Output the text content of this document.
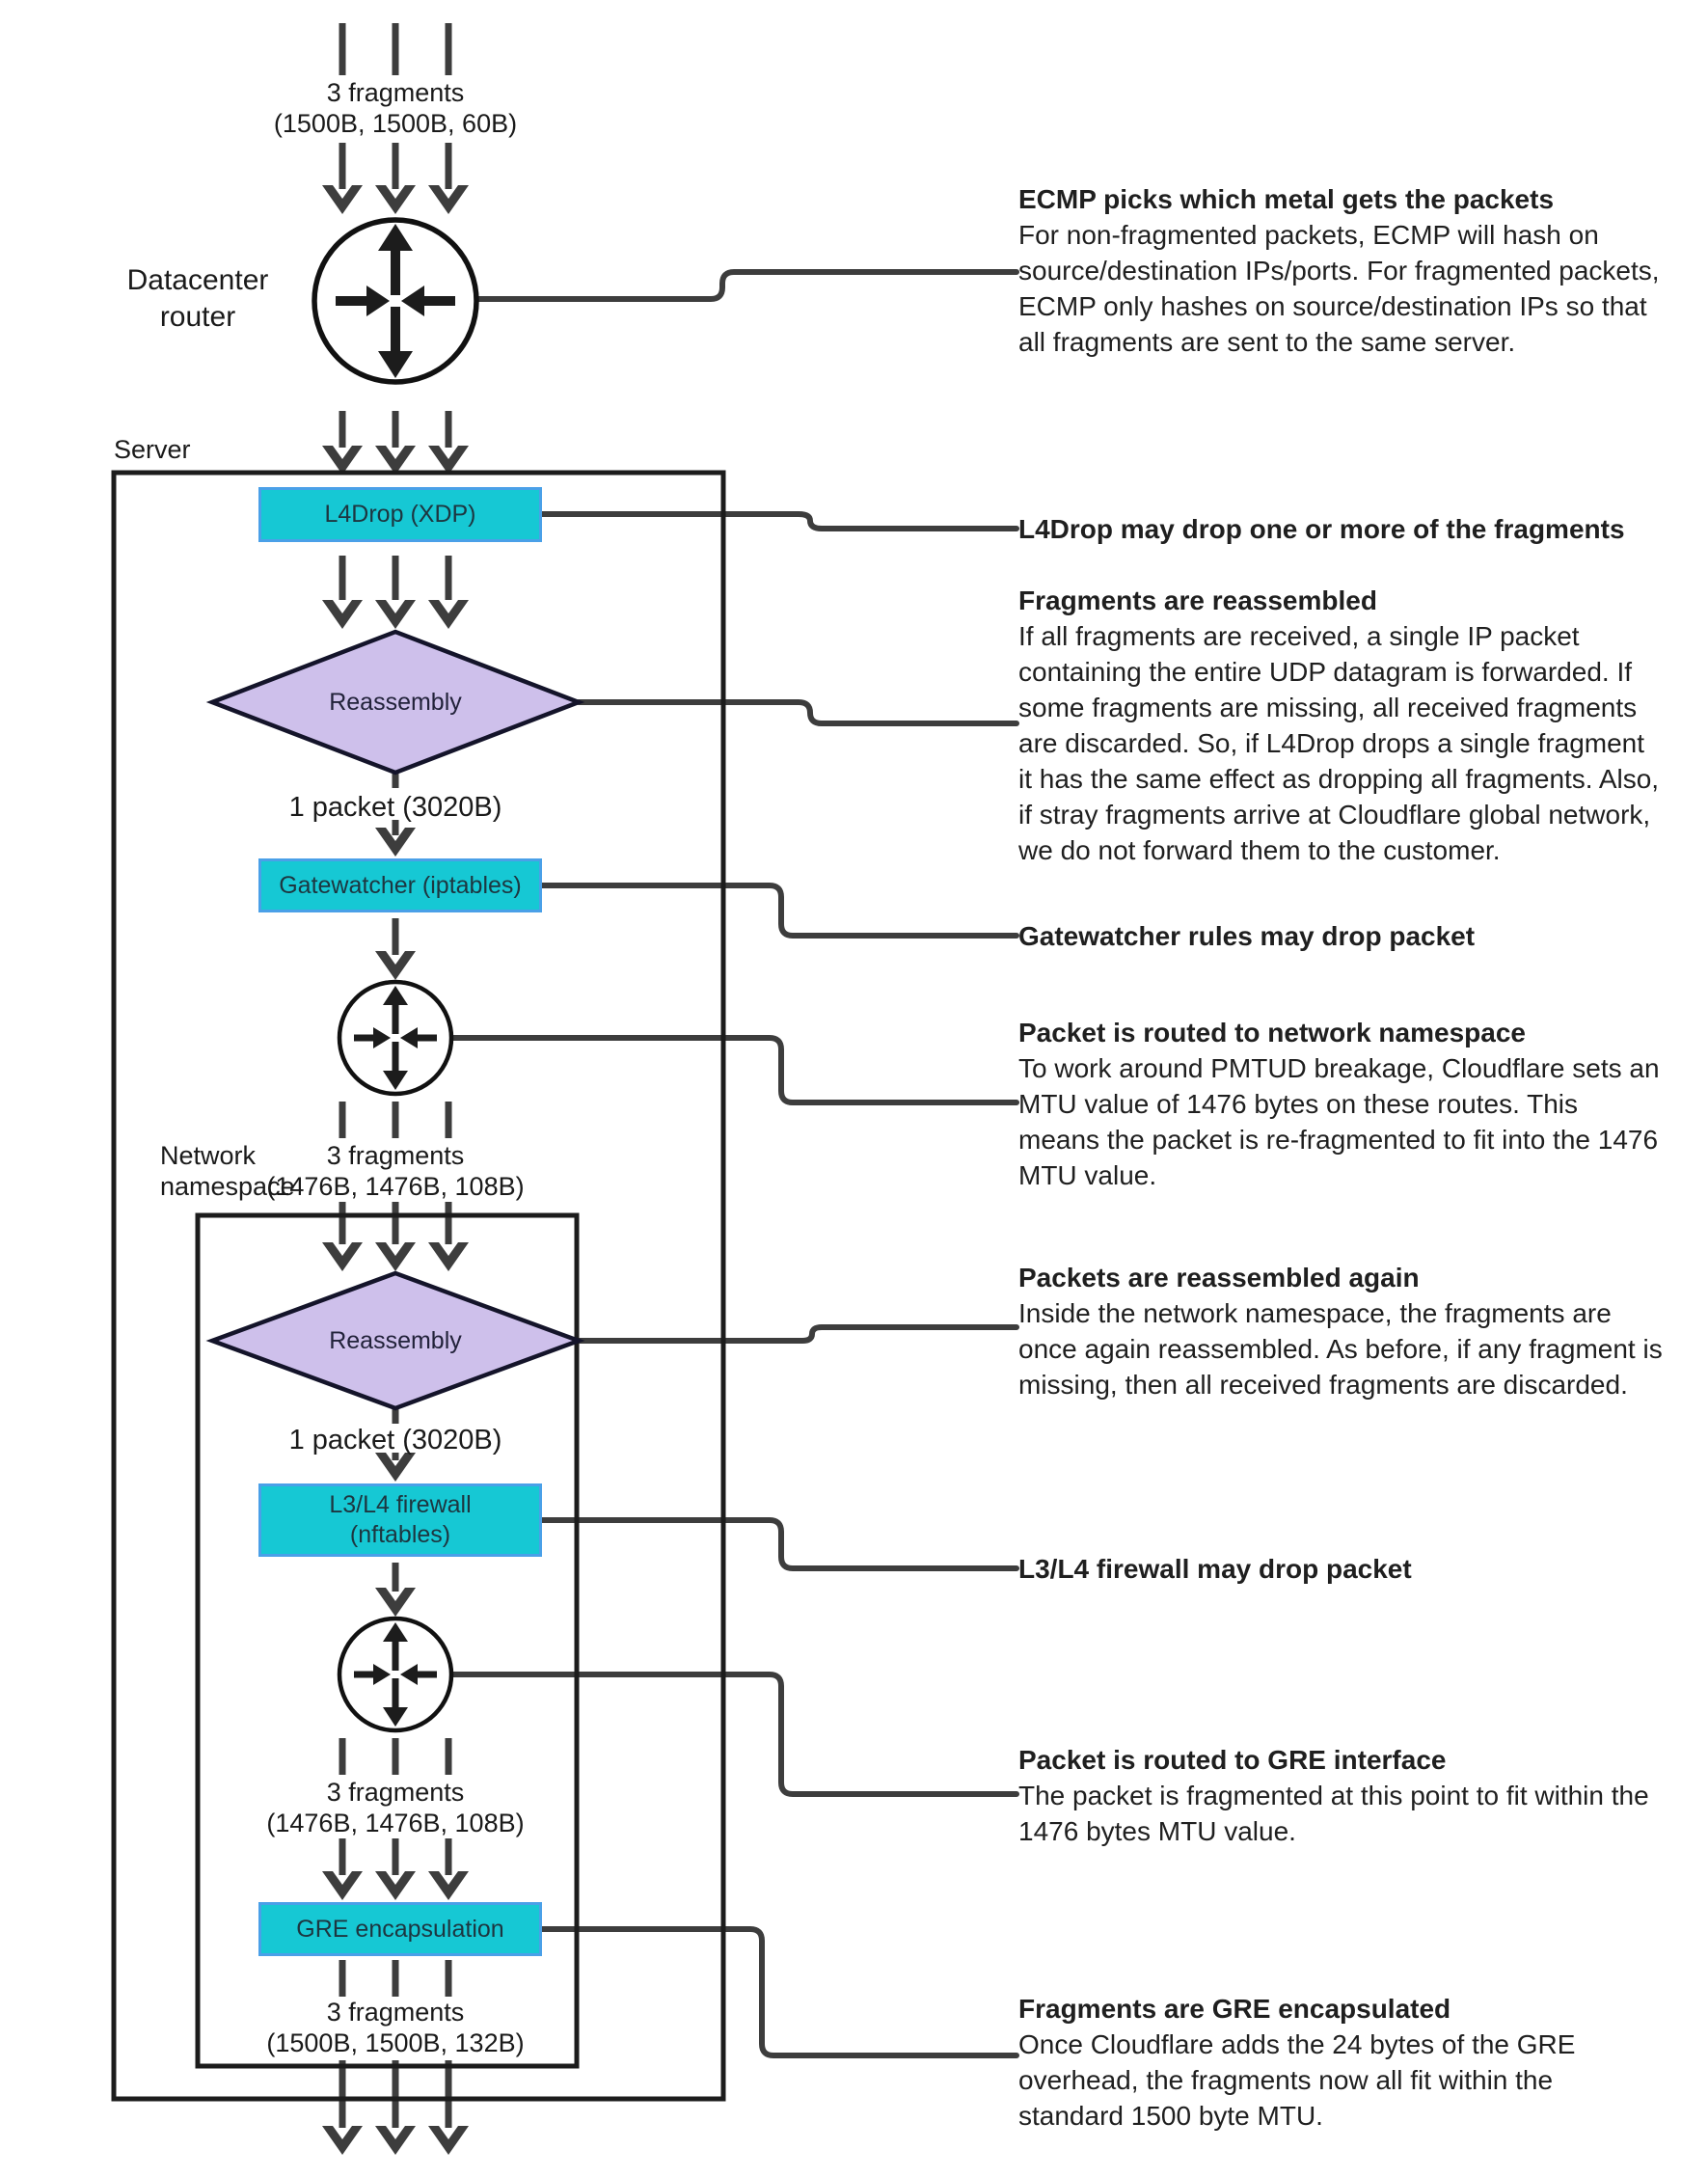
3 fragments
(1500B, 1500B, 60B)
Datacenter
router
Server
L4Drop (XDP)
Reassembly
1 packet (3020B)
Gatewatcher (iptables)
3 fragments
(1476B, 1476B, 108B)
Network
namespace
Reassembly
1 packet (3020B)
L3/L4 firewall
(nftables)
3 fragments
(1476B, 1476B, 108B)
GRE encapsulation
3 fragments
(1500B, 1500B, 132B)
ECMP picks which metal gets the packets
For non-fragmented packets, ECMP will hash on source/destination IPs/ports. For fragmented packets, ECMP only hashes on source/destination IPs so that all fragments are sent to the same server.
L4Drop may drop one or more of the fragments
Fragments are reassembled
If all fragments are received, a single IP packet containing the entire UDP datagram is forwarded. If some fragments are missing, all received fragments are discarded. So, if L4Drop drops a single fragment it has the same effect as dropping all fragments. Also, if stray fragments arrive at Cloudflare global network, we do not forward them to the customer.
Gatewatcher rules may drop packet
Packet is routed to network namespace
To work around PMTUD breakage, Cloudflare sets an MTU value of 1476 bytes on these routes. This means the packet is re-fragmented to fit into the 1476 MTU value.
Packets are reassembled again
Inside the network namespace, the fragments are once again reassembled. As before, if any fragment is missing, then all received fragments are discarded.
L3/L4 firewall may drop packet
Packet is routed to GRE interface
The packet is fragmented at this point to fit within the 1476 bytes MTU value.
Fragments are GRE encapsulated
Once Cloudflare adds the 24 bytes of the GRE overhead, the fragments now all fit within the standard 1500 byte MTU.
